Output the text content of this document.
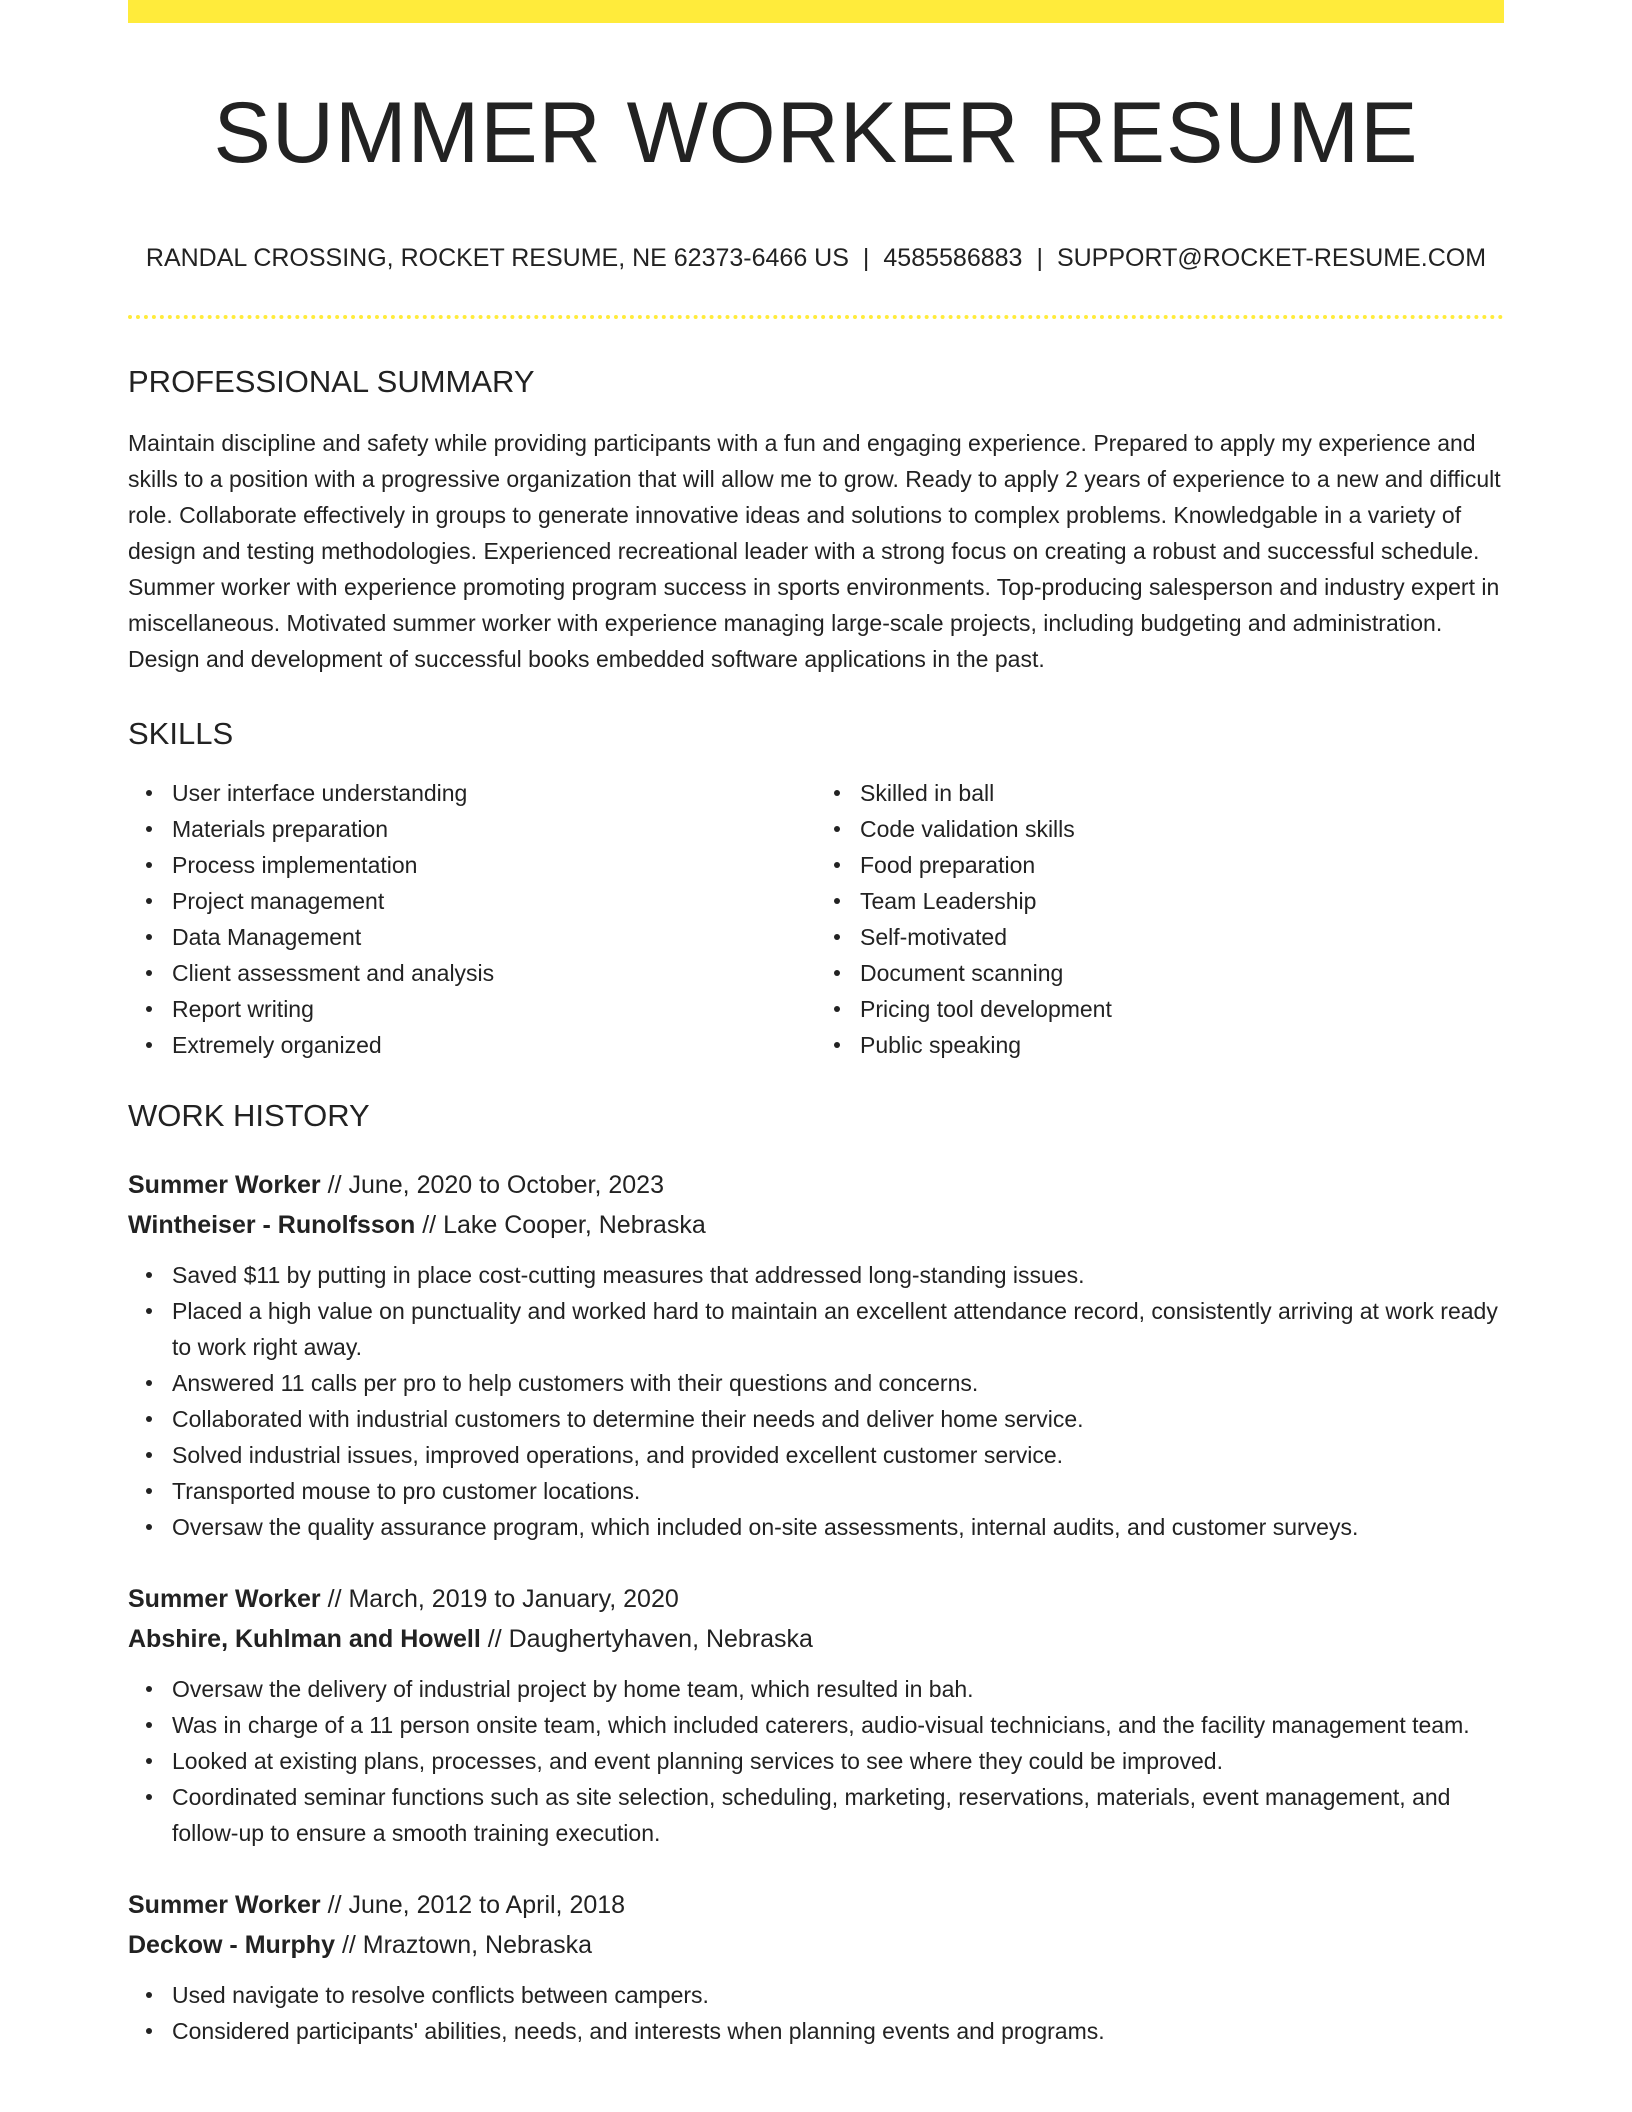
SUMMER WORKER RESUME
RANDAL CROSSING, ROCKET RESUME, NE 62373-6466 US | 4585586883 | SUPPORT@ROCKET-RESUME.COM
PROFESSIONAL SUMMARY

Maintain discipline and safety while providing participants with a fun and engaging experience. Prepared to apply my experience and skills to a position with a progressive organization that will allow me to grow. Ready to apply 2 years of experience to a new and difficult role. Collaborate effectively in groups to generate innovative ideas and solutions to complex problems. Knowledgable in a variety of design and testing methodologies. Experienced recreational leader with a strong focus on creating a robust and successful schedule. Summer worker with experience promoting program success in sports environments. Top-producing salesperson and industry expert in miscellaneous. Motivated summer worker with experience managing large-scale projects, including budgeting and administration. Design and development of successful books embedded software applications in the past.

SKILLS
User interface understanding
Materials preparation
Process implementation
Project management
Data Management
Client assessment and analysis
Report writing
Extremely organized
Skilled in ball
Code validation skills
Food preparation
Team Leadership
Self-motivated
Document scanning
Pricing tool development
Public speaking
WORK HISTORY
Summer Worker // June, 2020 to October, 2023
Wintheiser - Runolfsson // Lake Cooper, Nebraska
Saved $11 by putting in place cost-cutting measures that addressed long-standing issues.
Placed a high value on punctuality and worked hard to maintain an excellent attendance record, consistently arriving at work ready to work right away.
Answered 11 calls per pro to help customers with their questions and concerns.
Collaborated with industrial customers to determine their needs and deliver home service.
Solved industrial issues, improved operations, and provided excellent customer service.
Transported mouse to pro customer locations.
Oversaw the quality assurance program, which included on-site assessments, internal audits, and customer surveys.
Summer Worker // March, 2019 to January, 2020
Abshire, Kuhlman and Howell // Daughertyhaven, Nebraska
Oversaw the delivery of industrial project by home team, which resulted in bah.
Was in charge of a 11 person onsite team, which included caterers, audio-visual technicians, and the facility management team.
Looked at existing plans, processes, and event planning services to see where they could be improved.
Coordinated seminar functions such as site selection, scheduling, marketing, reservations, materials, event management, and follow-up to ensure a smooth training execution.
Summer Worker // June, 2012 to April, 2018
Deckow - Murphy // Mraztown, Nebraska
Used navigate to resolve conflicts between campers.
Considered participants' abilities, needs, and interests when planning events and programs.
